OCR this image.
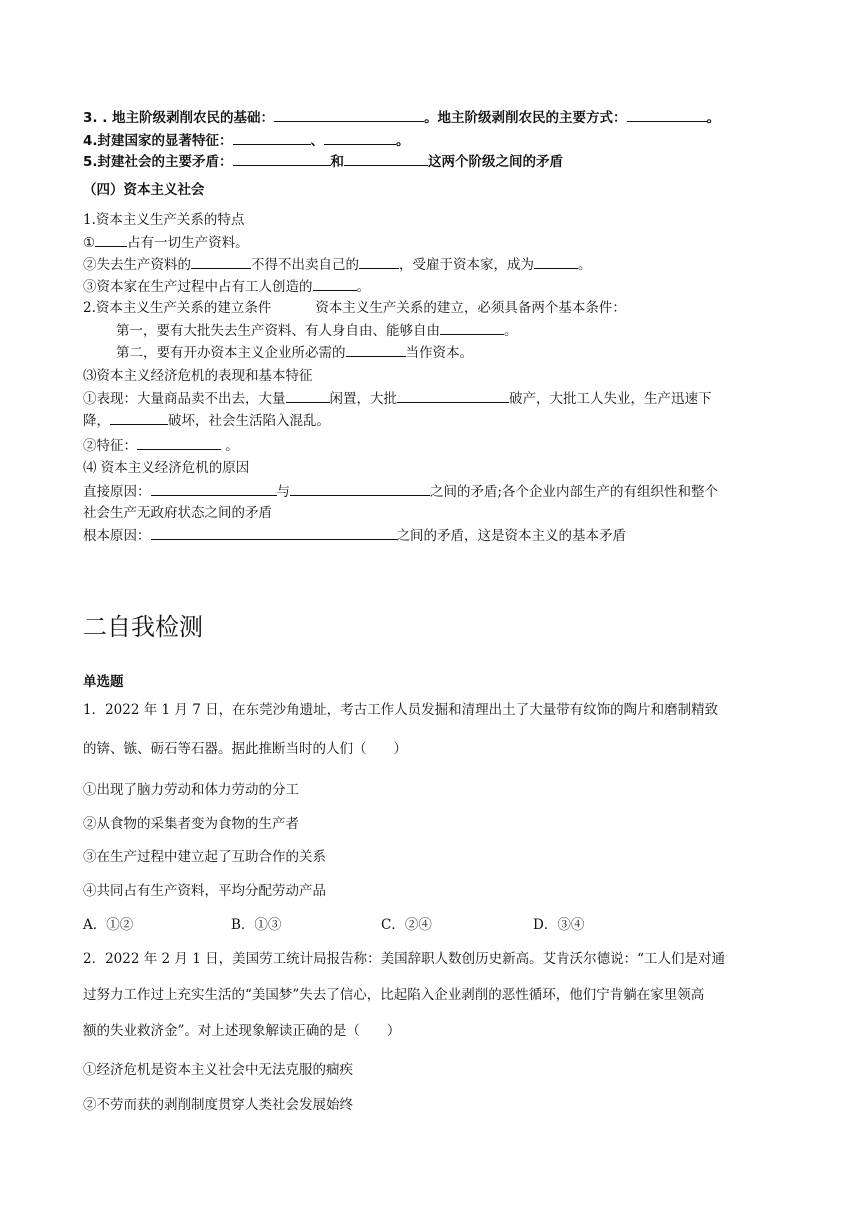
3. . 地主阶级剥削农民的基础：	。地主阶级剥削农民的主要方式：	。
4.封建国家的显著特征：	、	。
5.封建社会的主要矛盾：	和	这两个阶级之间的矛盾
（四）资本主义社会
1.资本主义生产关系的特点
① 占有一切生产资料。
②失去生产资料的	不得不出卖自己的	，受雇于资本家，成为	。
③资本家在生产过程中占有工人创造的	。
2.资本主义生产关系的建立条件	资本主义生产关系的建立，必须具备两个基本条件：
第一，要有大批失去生产资料、有人身自由、能够自由	。
第二，要有开办资本主义企业所必需的	当作资本。
⑶资本主义经济危机的表现和基本特征
①表现：大量商品卖不出去，大量	闲置，大批	破产，大批工人失业，生产迅速下
降，	破坏，社会生活陷入混乱。
②特征：	。
⑷ 资本主义经济危机的原因
直接原因：	与	之间的矛盾;各个企业内部生产的有组织性和整个
社会生产无政府状态之间的矛盾
根本原因：	之间的矛盾，这是资本主义的基本矛盾
二自我检测
单选题
1．2022 年 1 月 7 日，在东莞沙角遗址，考古工作人员发掘和清理出土了大量带有纹饰的陶片和磨制精致
的锛、镞、砺石等石器。据此推断当时的人们（　　）
①出现了脑力劳动和体力劳动的分工
②从食物的采集者变为食物的生产者
③在生产过程中建立起了互助合作的关系
④共同占有生产资料，平均分配劳动产品
A．①②	B．①③	C．②④	D．③④
2．2022 年 2 月 1 日，美国劳工统计局报告称：美国辞职人数创历史新高。艾肯沃尔德说：“工人们是对通
过努力工作过上充实生活的“美国梦”失去了信心，比起陷入企业剥削的恶性循环，他们宁肯躺在家里领高
额的失业救济金”。对上述现象解读正确的是（　　）
①经济危机是资本主义社会中无法克服的痼疾
②不劳而获的剥削制度贯穿人类社会发展始终
